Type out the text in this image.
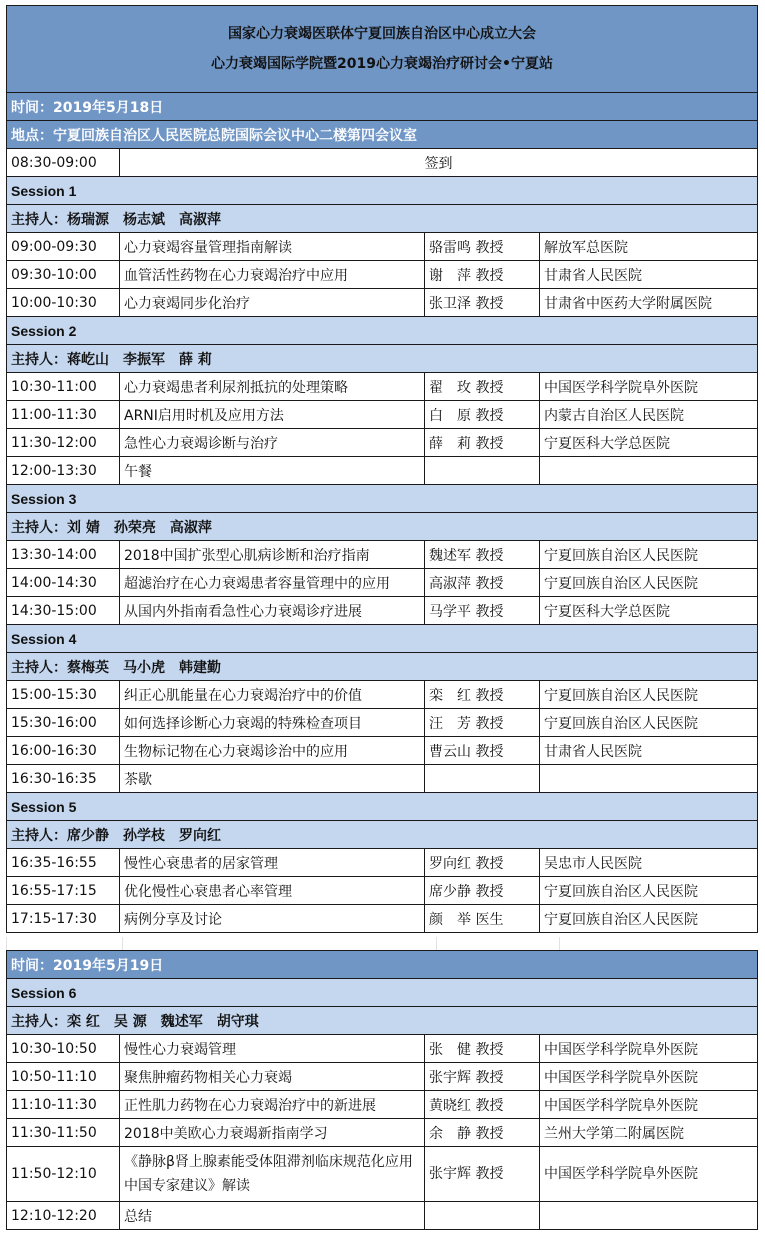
国家心力衰竭医联体宁夏回族自治区中心成立大会
心力衰竭国际学院暨2019心力衰竭治疗研讨会•宁夏站			

时间：2019年5月18日			
地点：宁夏回族自治区人民医院总院国际会议中心二楼第四会议室			
08:30-09:00	签到		
Session 1			
主持人：杨瑞源　杨志斌　高淑萍			
09:00-09:30	心力衰竭容量管理指南解读	骆雷鸣 教授	解放军总医院
09:30-10:00	血管活性药物在心力衰竭治疗中应用	谢　萍 教授	甘肃省人民医院
10:00-10:30	心力衰竭同步化治疗	张卫泽 教授	甘肃省中医药大学附属医院
Session 2			
主持人：蒋屹山　李振军　薛 莉			
10:30-11:00	心力衰竭患者利尿剂抵抗的处理策略	翟　玫 教授	中国医学科学院阜外医院
11:00-11:30	ARNI启用时机及应用方法	白　原 教授	内蒙古自治区人民医院
11:30-12:00	急性心力衰竭诊断与治疗	薛　莉 教授	宁夏医科大学总医院
12:00-13:30	午餐		
Session 3			
主持人：刘 婧　孙荣亮　高淑萍			
13:30-14:00	2018中国扩张型心肌病诊断和治疗指南	魏述军 教授	宁夏回族自治区人民医院
14:00-14:30	超滤治疗在心力衰竭患者容量管理中的应用	高淑萍 教授	宁夏回族自治区人民医院
14:30-15:00	从国内外指南看急性心力衰竭诊疗进展	马学平 教授	宁夏医科大学总医院
Session 4			
主持人：蔡梅英　马小虎　韩建勤			
15:00-15:30	纠正心肌能量在心力衰竭治疗中的价值	栾　红 教授	宁夏回族自治区人民医院
15:30-16:00	如何选择诊断心力衰竭的特殊检查项目	汪　芳 教授	宁夏回族自治区人民医院
16:00-16:30	生物标记物在心力衰竭诊治中的应用	曹云山 教授	甘肃省人民医院
16:30-16:35	茶歇		
Session 5			
主持人：席少静　孙学枝　罗向红			
16:35-16:55	慢性心衰患者的居家管理	罗向红 教授	吴忠市人民医院
16:55-17:15	优化慢性心衰患者心率管理	席少静 教授	宁夏回族自治区人民医院
17:15-17:30	病例分享及讨论	颜　举 医生	宁夏回族自治区人民医院
时间：2019年5月19日			
Session 6			
主持人：栾 红　吴 源　魏述军　胡守琪			
10:30-10:50	慢性心力衰竭管理	张　健 教授	中国医学科学院阜外医院
10:50-11:10	聚焦肿瘤药物相关心力衰竭	张宇辉 教授	中国医学科学院阜外医院
11:10-11:30	正性肌力药物在心力衰竭治疗中的新进展	黄晓红 教授	中国医学科学院阜外医院
11:30-11:50	2018中美欧心力衰竭新指南学习	余　静 教授	兰州大学第二附属医院
11:50-12:10	《静脉β肾上腺素能受体阻滞剂临床规范化应用中国专家建议》解读	张宇辉 教授	中国医学科学院阜外医院
12:10-12:20	总结		
